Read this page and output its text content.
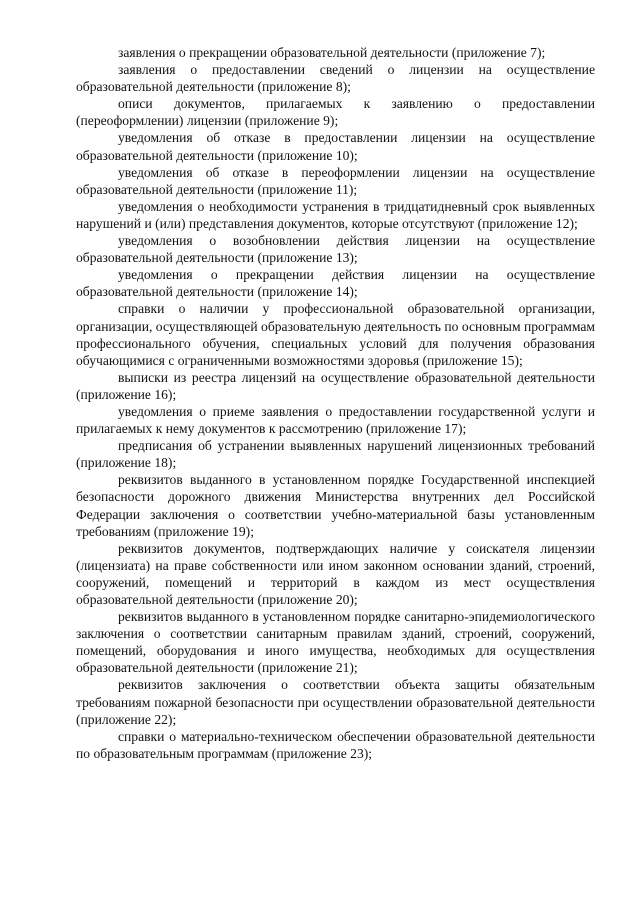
заявления о прекращении образовательной деятельности (приложение 7);

заявления о предоставлении сведений о лицензии на осуществление образовательной деятельности (приложение 8);

описи документов, прилагаемых к заявлению о предоставлении (переоформлении) лицензии (приложение 9);

уведомления об отказе в предоставлении лицензии на осуществление образовательной деятельности (приложение 10);

уведомления об отказе в переоформлении лицензии на осуществление образовательной деятельности (приложение 11);

уведомления о необходимости устранения в тридцатидневный срок выявленных нарушений и (или) представления документов, которые отсутствуют (приложение 12);

уведомления о возобновлении действия лицензии на осуществление образовательной деятельности (приложение 13);

уведомления о прекращении действия лицензии на осуществление образовательной деятельности (приложение 14);

справки о наличии у профессиональной образовательной организации, организации, осуществляющей образовательную деятельность по основным программам профессионального обучения, специальных условий для получения образования обучающимися с ограниченными возможностями здоровья (приложение 15);

выписки из реестра лицензий на осуществление образовательной деятельности (приложение 16);

уведомления о приеме заявления о предоставлении государственной услуги и прилагаемых к нему документов к рассмотрению (приложение 17);

предписания об устранении выявленных нарушений лицензионных требований (приложение 18);

реквизитов выданного в установленном порядке Государственной инспекцией безопасности дорожного движения Министерства внутренних дел Российской Федерации заключения о соответствии учебно-материальной базы установленным требованиям (приложение 19);

реквизитов документов, подтверждающих наличие у соискателя лицензии (лицензиата) на праве собственности или ином законном основании зданий, строений, сооружений, помещений и территорий в каждом из мест осуществления образовательной деятельности (приложение 20);

реквизитов выданного в установленном порядке санитарно-эпидемиологического заключения о соответствии санитарным правилам зданий, строений, сооружений, помещений, оборудования и иного имущества, необходимых для осуществления образовательной деятельности (приложение 21);

реквизитов заключения о соответствии объекта защиты обязательным требованиям пожарной безопасности при осуществлении образовательной деятельности (приложение 22);

справки о материально-техническом обеспечении образовательной деятельности по образовательным программам (приложение 23);
